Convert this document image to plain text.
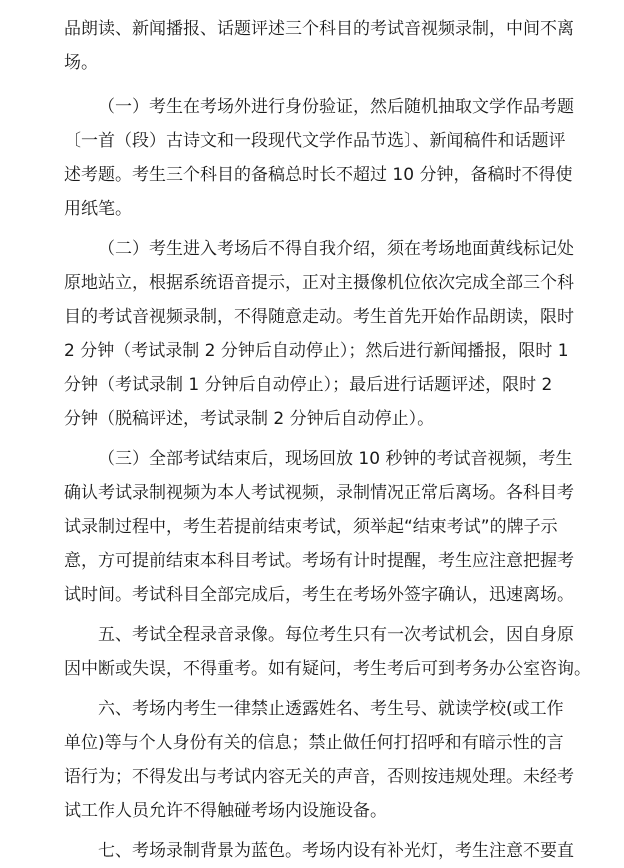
品朗读、新闻播报、话题评述三个科目的考试音视频录制，中间不离
场。
（一）考生在考场外进行身份验证，然后随机抽取文学作品考题
〔一首（段）古诗文和一段现代文学作品节选〕、新闻稿件和话题评
述考题。考生三个科目的备稿总时长不超过 10 分钟，备稿时不得使
用纸笔。
（二）考生进入考场后不得自我介绍，须在考场地面黄线标记处
原地站立，根据系统语音提示，正对主摄像机位依次完成全部三个科
目的考试音视频录制，不得随意走动。考生首先开始作品朗读，限时
2 分钟（考试录制 2 分钟后自动停止）；然后进行新闻播报，限时 1
分钟（考试录制 1 分钟后自动停止）；最后进行话题评述，限时 2
分钟（脱稿评述，考试录制 2 分钟后自动停止）。
（三）全部考试结束后，现场回放 10 秒钟的考试音视频，考生
确认考试录制视频为本人考试视频，录制情况正常后离场。各科目考
试录制过程中，考生若提前结束考试，须举起“结束考试”的牌子示
意，方可提前结束本科目考试。考场有计时提醒，考生应注意把握考
试时间。考试科目全部完成后，考生在考场外签字确认，迅速离场。
五、考试全程录音录像。每位考生只有一次考试机会，因自身原
因中断或失误，不得重考。如有疑问，考生考后可到考务办公室咨询。
六、考场内考生一律禁止透露姓名、考生号、就读学校(或工作
单位)等与个人身份有关的信息；禁止做任何打招呼和有暗示性的言
语行为；不得发出与考试内容无关的声音，否则按违规处理。未经考
试工作人员允许不得触碰考场内设施设备。
七、考场录制背景为蓝色。考场内设有补光灯，考生注意不要直
